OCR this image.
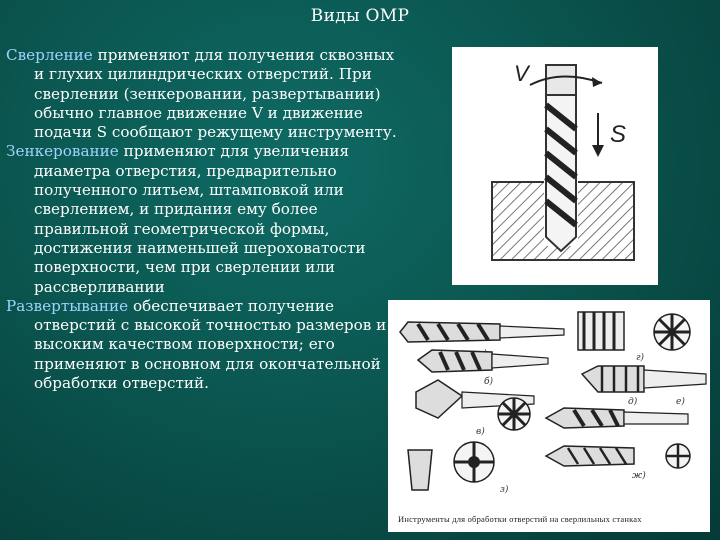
Виды ОМР

Сверление применяют для получения сквозных и глухих цилиндрических отверстий. При сверлении (зенкеровании, развертывании) обычно главное движение V и движение подачи S сообщают режущему инструменту.

Зенкерование применяют для увеличения диаметра отверстия, предварительно полученного литьем, штамповкой или сверлением, и придания ему более правильной геометрической формы, достижения наименьшей шероховатости поверхности, чем при сверлении или рассверливании

Развертывание обеспечивает получение отверстий с высокой точностью размеров и высоким качеством поверхности; его применяют в основном для окончательной обработки отверстий.

V
S
б)
в)
г)
д)	е)
ж)
з)
Инструменты для обработки отверстий на сверлильных станках
